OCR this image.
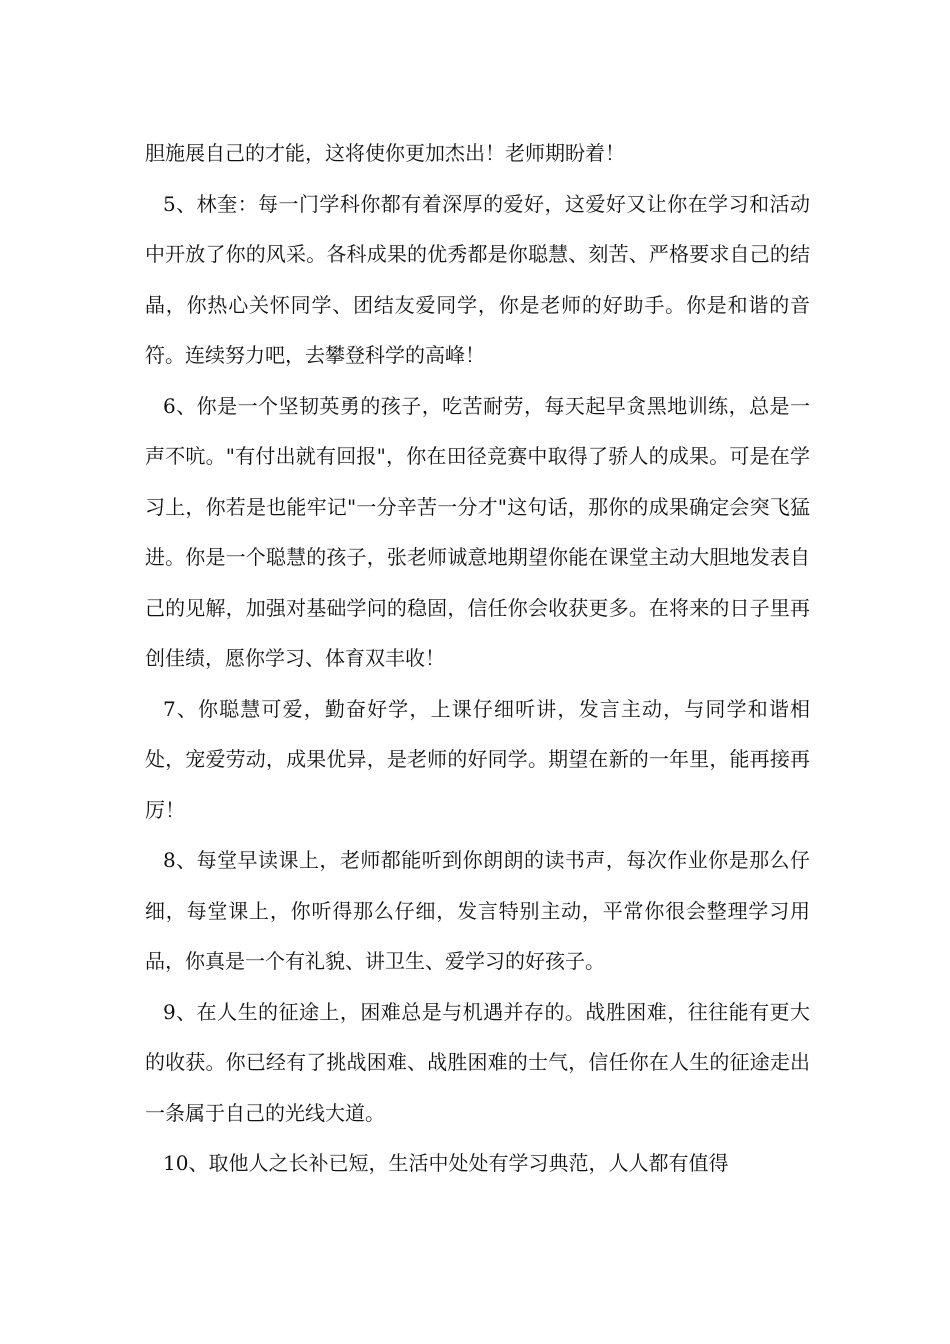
胆施展自己的才能，这将使你更加杰出！老师期盼着！

5、林奎：每一门学科你都有着深厚的爱好，这爱好又让你在学习和活动中开放了你的风采。各科成果的优秀都是你聪慧、刻苦、严格要求自己的结晶，你热心关怀同学、团结友爱同学，你是老师的好助手。你是和谐的音符。连续努力吧，去攀登科学的高峰！

6、你是一个坚韧英勇的孩子，吃苦耐劳，每天起早贪黑地训练，总是一声不吭。"有付出就有回报"，你在田径竞赛中取得了骄人的成果。可是在学习上，你若是也能牢记"一分辛苦一分才"这句话，那你的成果确定会突飞猛进。你是一个聪慧的孩子，张老师诚意地期望你能在课堂主动大胆地发表自己的见解，加强对基础学问的稳固，信任你会收获更多。在将来的日子里再创佳绩，愿你学习、体育双丰收！

7、你聪慧可爱，勤奋好学，上课仔细听讲，发言主动，与同学和谐相处，宠爱劳动，成果优异，是老师的好同学。期望在新的一年里，能再接再厉！

8、每堂早读课上，老师都能听到你朗朗的读书声，每次作业你是那么仔细，每堂课上，你听得那么仔细，发言特别主动，平常你很会整理学习用品，你真是一个有礼貌、讲卫生、爱学习的好孩子。

9、在人生的征途上，困难总是与机遇并存的。战胜困难，往往能有更大的收获。你已经有了挑战困难、战胜困难的士气，信任你在人生的征途走出一条属于自己的光线大道。

10、取他人之长补已短，生活中处处有学习典范，人人都有值得
